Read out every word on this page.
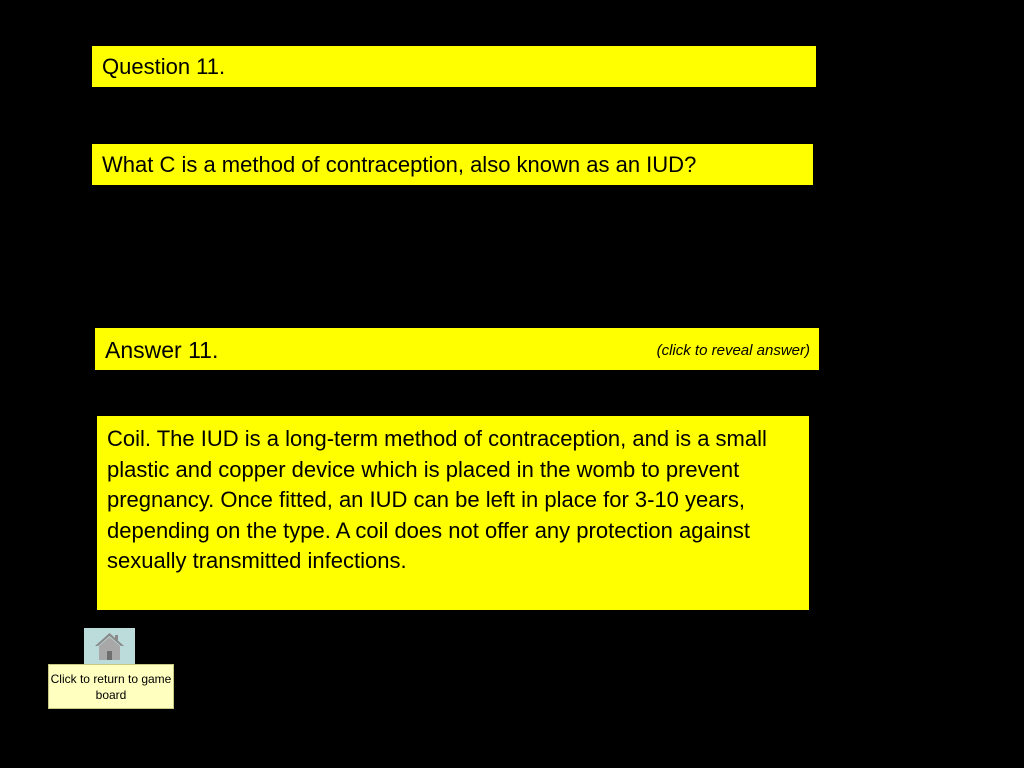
Question 11.
What C is a method of contraception, also known as an IUD?
Answer 11.	(click to reveal answer)
Coil. The IUD is a long-term method of contraception, and is a small plastic and copper device which is placed in the womb to prevent pregnancy. Once fitted, an IUD can be left in place for 3-10 years, depending on the type. A coil does not offer any protection against sexually transmitted infections.
Click to return to game board
